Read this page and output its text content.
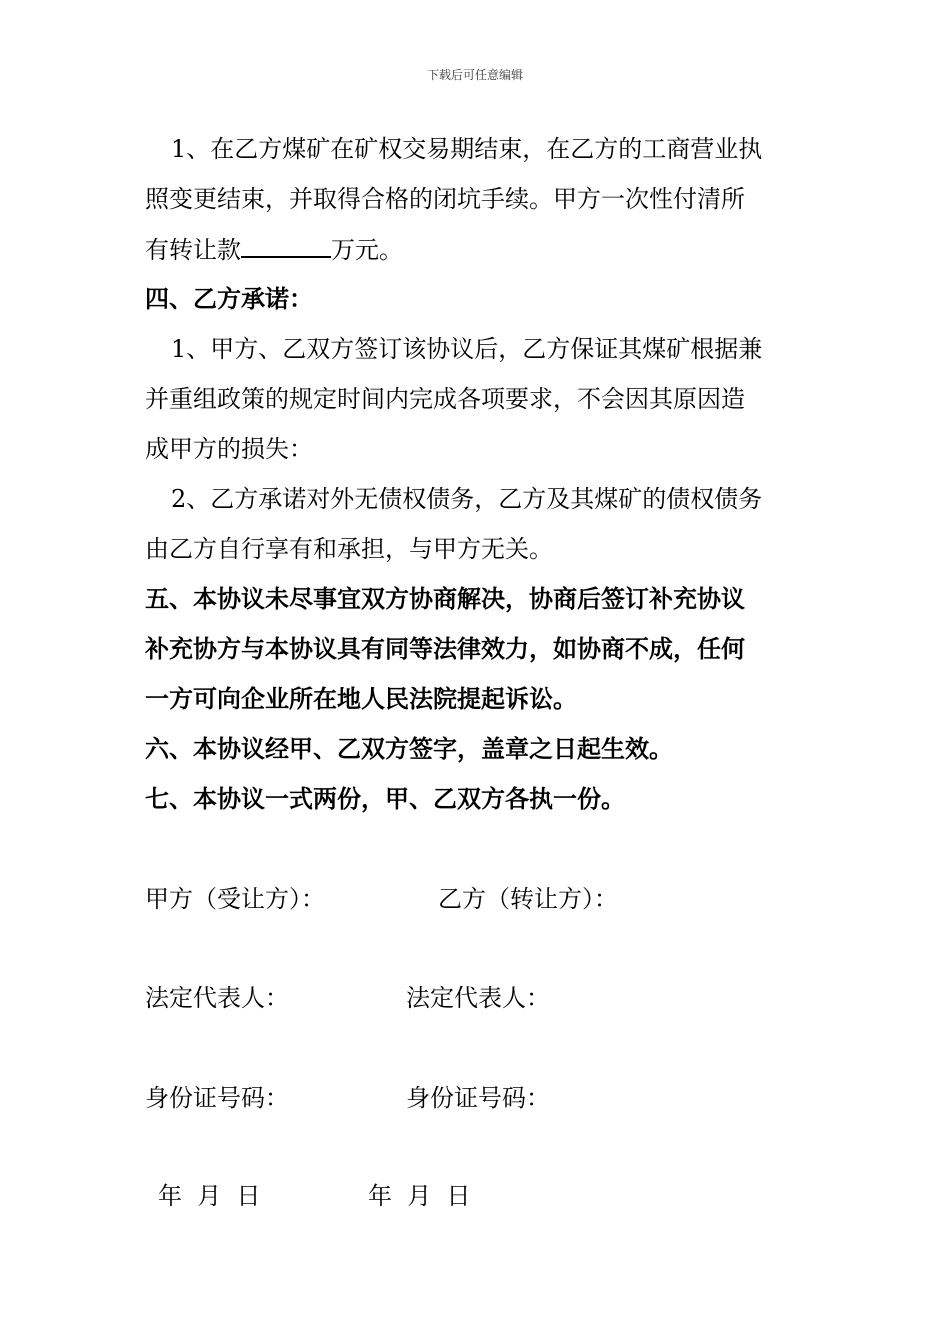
下载后可任意编辑
1、在乙方煤矿在矿权交易期结束，在乙方的工商营业执
照变更结束，并取得合格的闭坑手续。甲方一次性付清所
有转让款	万元。
四、乙方承诺：
1、甲方、乙双方签订该协议后，乙方保证其煤矿根据兼
并重组政策的规定时间内完成各项要求，不会因其原因造
成甲方的损失：
2、乙方承诺对外无债权债务，乙方及其煤矿的债权债务
由乙方自行享有和承担，与甲方无关。
五、本协议未尽事宜双方协商解决，协商后签订补充协议
补充协方与本协议具有同等法律效力，如协商不成，任何
一方可向企业所在地人民法院提起诉讼。
六、本协议经甲、乙双方签字，盖章之日起生效。
七、本协议一式两份，甲、乙双方各执一份。
甲方（受让方）：	乙方（转让方）：
法定代表人：	法定代表人：
身份证号码：	身份证号码：
年  月  日	年  月  日
